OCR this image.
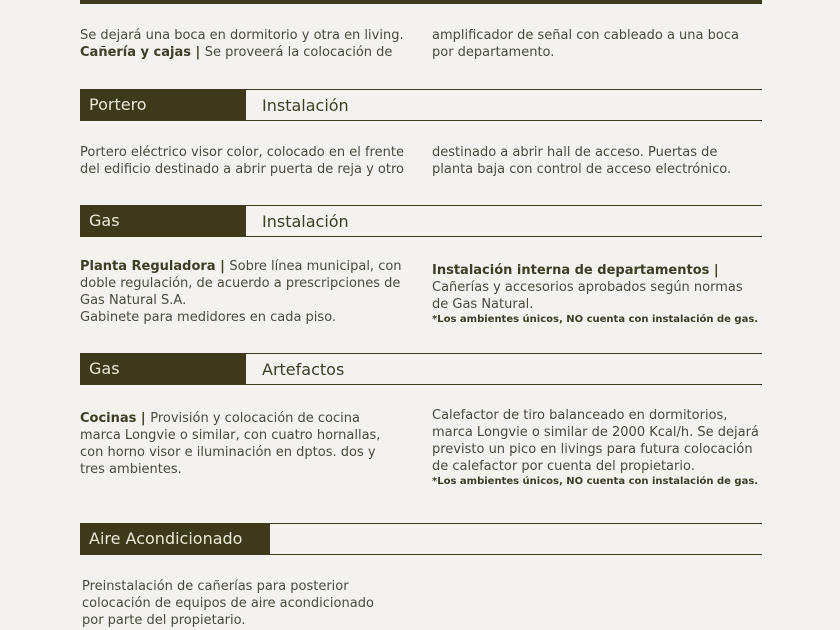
Se dejará una boca en dormitorio y otra en living.
Cañería y cajas | Se proveerá la colocación de
amplificador de señal con cableado a una boca
por departamento.
Portero	Instalación
Portero eléctrico visor color, colocado en el frente
del edificio destinado a abrir puerta de reja y otro
destinado a abrir hall de acceso. Puertas de
planta baja con control de acceso electrónico.
Gas	Instalación
Planta Reguladora | Sobre línea municipal, con
doble regulación, de acuerdo a prescripciones de
Gas Natural S.A.
Gabinete para medidores en cada piso.
Instalación interna de departamentos |
Cañerías y accesorios aprobados según normas
de Gas Natural.
*Los ambientes únicos, NO cuenta con instalación de gas.
Gas	Artefactos
Cocinas | Provisión y colocación de cocina
marca Longvie o similar, con cuatro hornallas,
con horno visor e iluminación en dptos. dos y
tres ambientes.
Calefactor de tiro balanceado en dormitorios,
marca Longvie o similar de 2000 Kcal/h. Se dejará
previsto un pico en livings para futura colocación
de calefactor por cuenta del propietario.
*Los ambientes únicos, NO cuenta con instalación de gas.
Aire Acondicionado
Preinstalación de cañerías para posterior
colocación de equipos de aire acondicionado
por parte del propietario.
